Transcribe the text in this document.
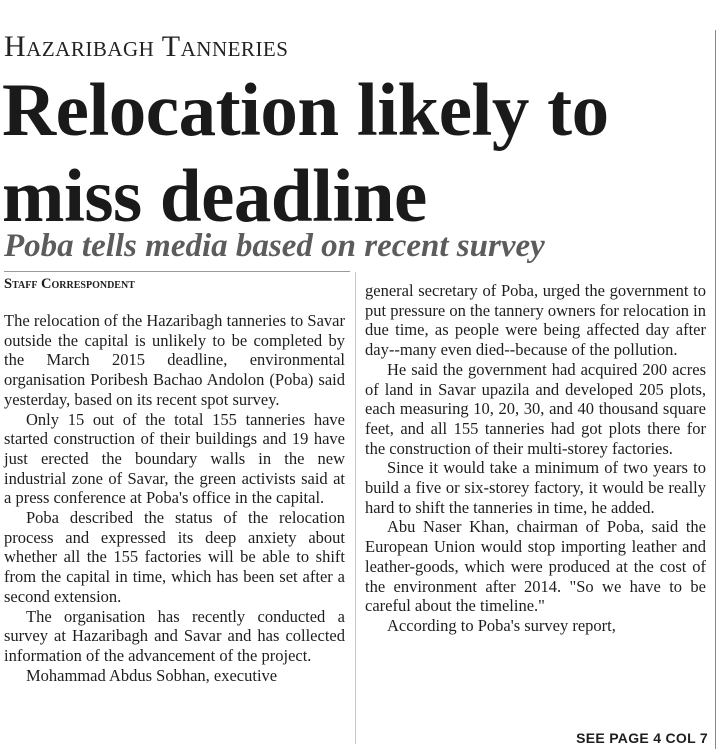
Hazaribagh Tanneries
Relocation likely to
miss deadline
Poba tells media based on recent survey
Staff Correspondent

The relocation of the Hazaribagh tanneries to Savar outside the capital is unlikely to be completed by the March 2015 deadline, environmental organisation Poribesh Bachao Andolon (Poba) said yesterday, based on its recent spot survey.

Only 15 out of the total 155 tanneries have started construction of their buildings and 19 have just erected the boundary walls in the new industrial zone of Savar, the green activists said at a press conference at Poba's office in the capital.

Poba described the status of the relocation process and expressed its deep anxiety about whether all the 155 factories will be able to shift from the capital in time, which has been set after a second extension.

The organisation has recently conducted a survey at Hazaribagh and Savar and has collected information of the advancement of the project.

Mohammad Abdus Sobhan, executive

general secretary of Poba, urged the government to put pressure on the tannery owners for relocation in due time, as people were being affected day after day--many even died--because of the pollution.

He said the government had acquired 200 acres of land in Savar upazila and developed 205 plots, each measuring 10, 20, 30, and 40 thousand square feet, and all 155 tanneries had got plots there for the construction of their multi-storey factories.

Since it would take a minimum of two years to build a five or six-storey factory, it would be really hard to shift the tanneries in time, he added.

Abu Naser Khan, chairman of Poba, said the European Union would stop importing leather and leather-goods, which were produced at the cost of the environment after 2014. "So we have to be careful about the timeline."

According to Poba's survey report,

SEE PAGE 4 COL 7
